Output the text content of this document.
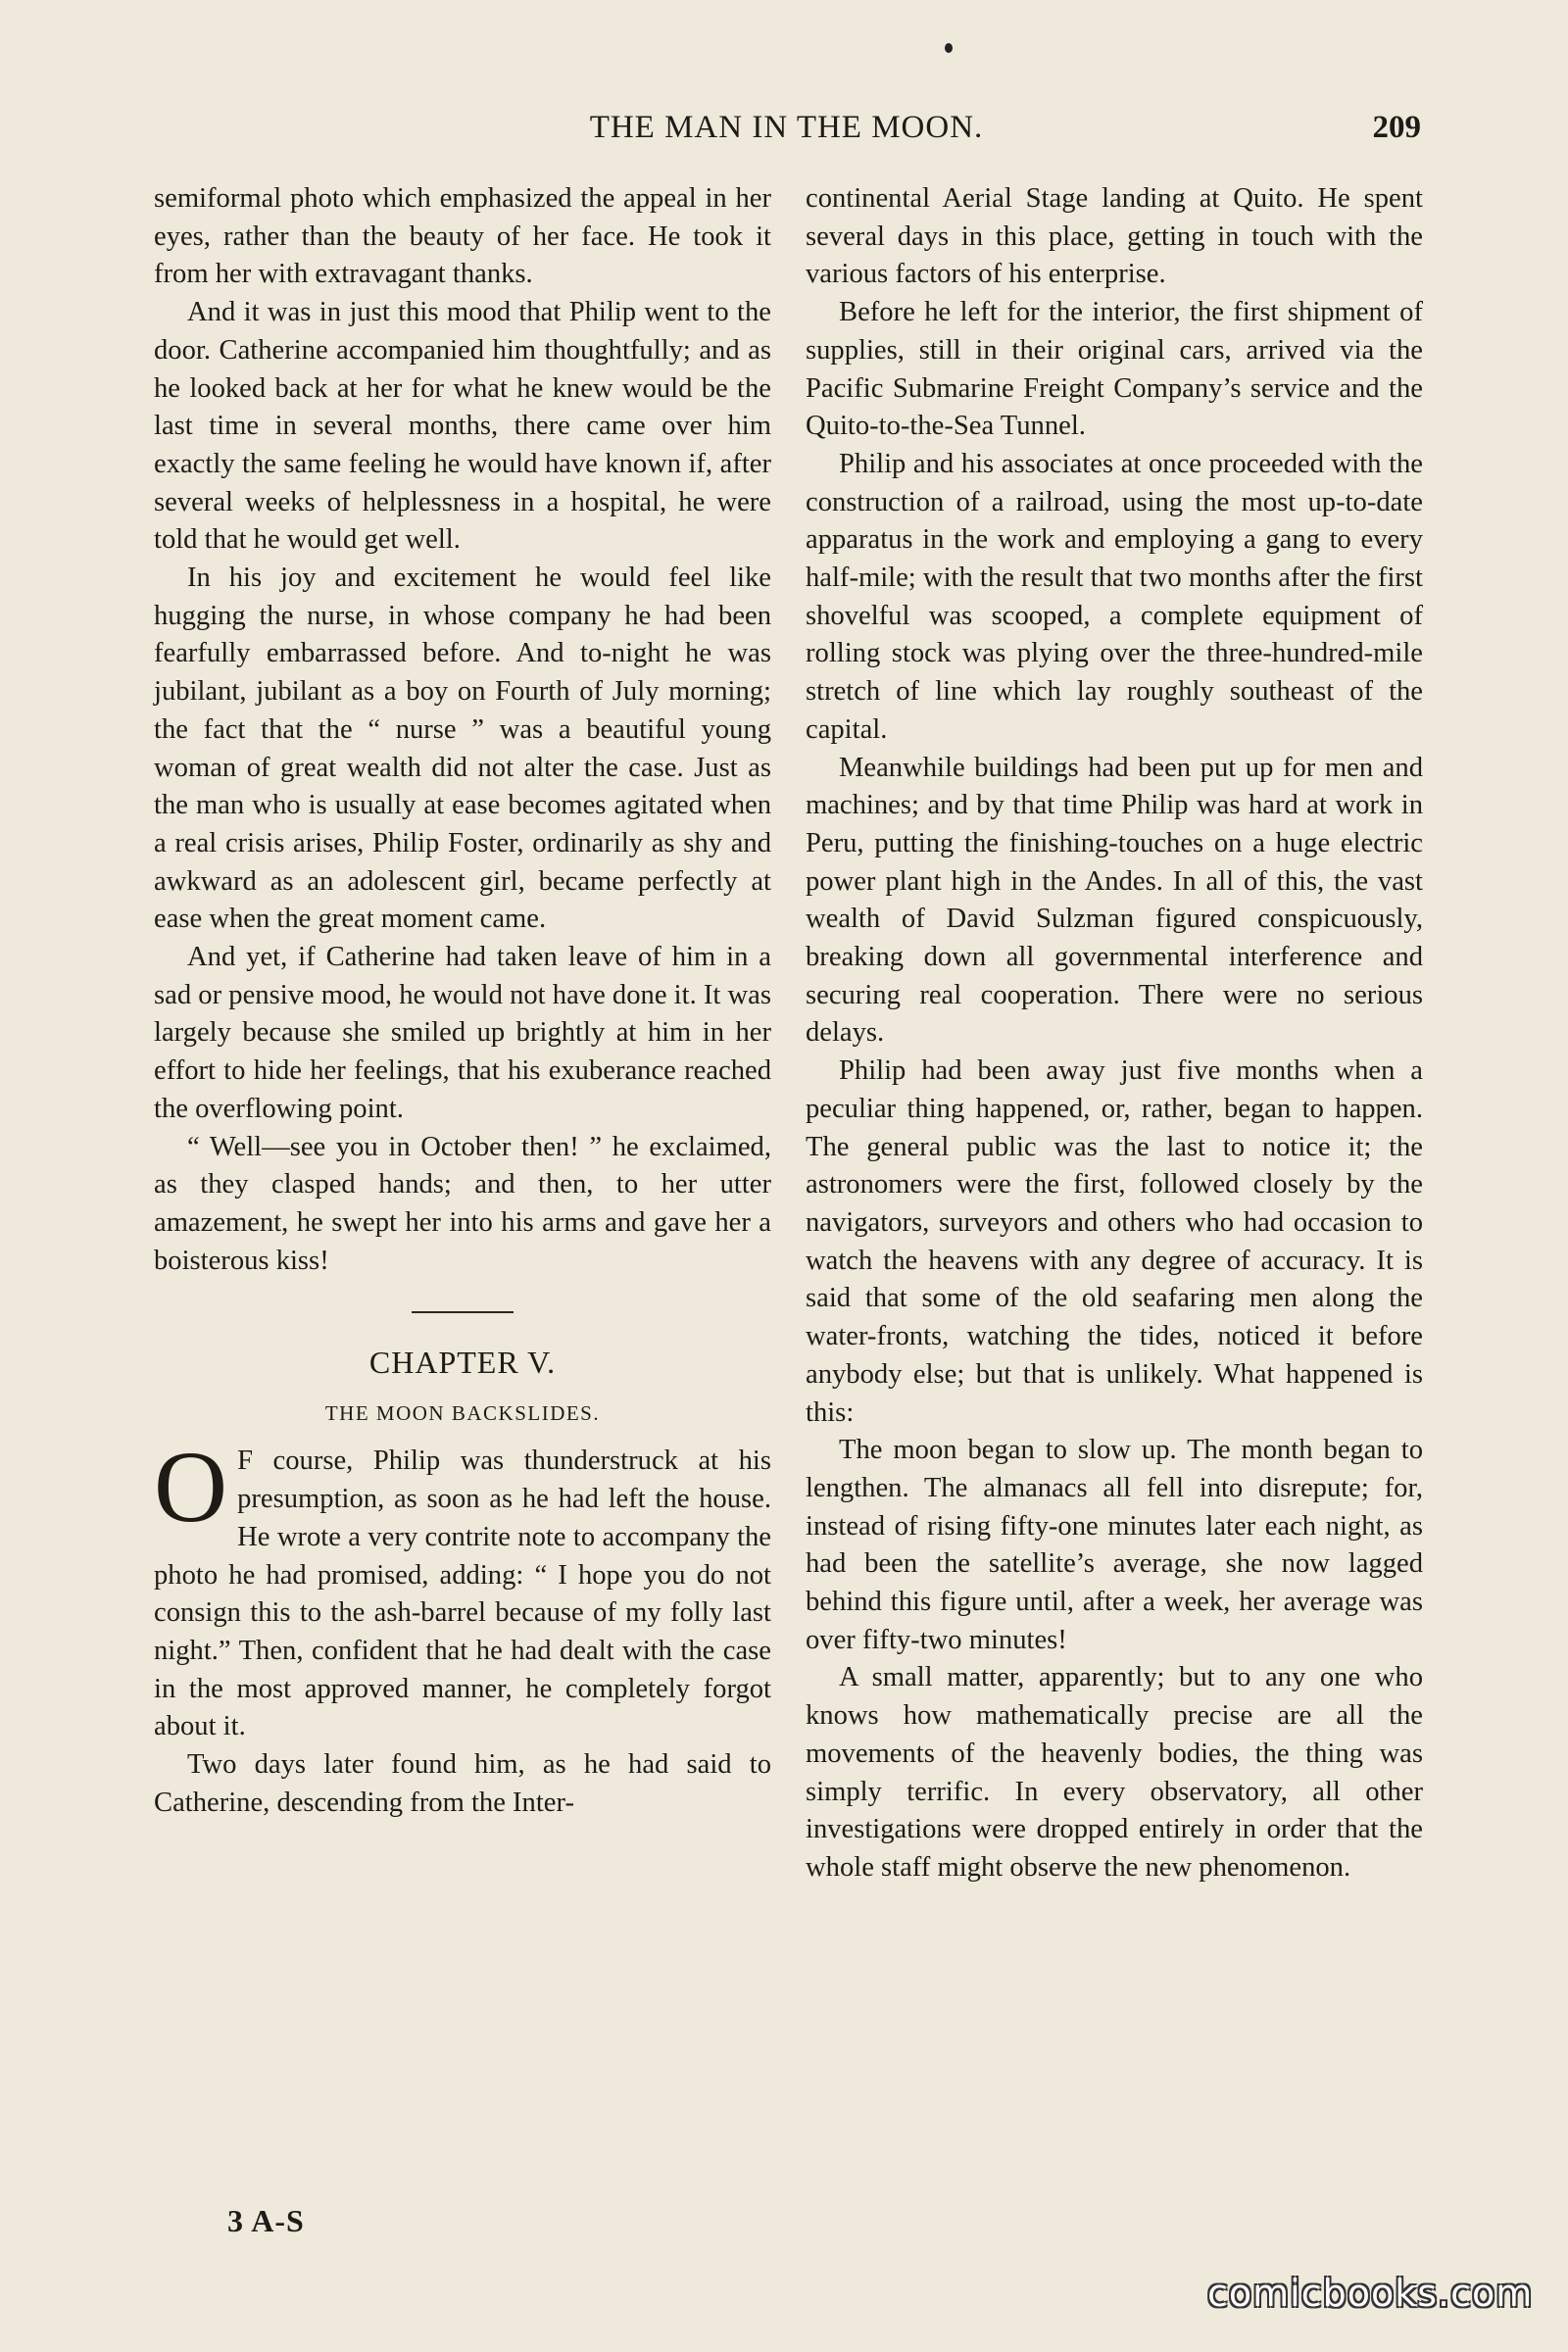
THE MAN IN THE MOON.	209

semiformal photo which emphasized the appeal in her eyes, rather than the beauty of her face. He took it from her with extravagant thanks.

And it was in just this mood that Philip went to the door. Catherine accompanied him thoughtfully; and as he looked back at her for what he knew would be the last time in several months, there came over him exactly the same feeling he would have known if, after several weeks of helplessness in a hospital, he were told that he would get well.

In his joy and excitement he would feel like hugging the nurse, in whose company he had been fearfully embarrassed before. And to-night he was jubilant, jubilant as a boy on Fourth of July morning; the fact that the “ nurse ” was a beautiful young woman of great wealth did not alter the case. Just as the man who is usually at ease becomes agitated when a real crisis arises, Philip Foster, ordinarily as shy and awkward as an adolescent girl, became perfectly at ease when the great moment came.

And yet, if Catherine had taken leave of him in a sad or pensive mood, he would not have done it. It was largely because she smiled up brightly at him in her effort to hide her feelings, that his exuberance reached the overflowing point.

“ Well—see you in October then! ” he exclaimed, as they clasped hands; and then, to her utter amazement, he swept her into his arms and gave her a boisterous kiss!

CHAPTER V.
THE MOON BACKSLIDES.

O F course, Philip was thunderstruck at his presumption, as soon as he had left the house. He wrote a very contrite note to accompany the photo he had promised, adding: “ I hope you do not consign this to the ash-barrel because of my folly last night.” Then, confident that he had dealt with the case in the most approved manner, he completely forgot about it.

Two days later found him, as he had said to Catherine, descending from the Inter-

continental Aerial Stage landing at Quito. He spent several days in this place, getting in touch with the various factors of his enterprise.

Before he left for the interior, the first shipment of supplies, still in their original cars, arrived via the Pacific Submarine Freight Company’s service and the Quito-to-the-Sea Tunnel.

Philip and his associates at once proceeded with the construction of a railroad, using the most up-to-date apparatus in the work and employing a gang to every half-mile; with the result that two months after the first shovelful was scooped, a complete equipment of rolling stock was plying over the three-hundred-mile stretch of line which lay roughly southeast of the capital.

Meanwhile buildings had been put up for men and machines; and by that time Philip was hard at work in Peru, putting the finishing-touches on a huge electric power plant high in the Andes. In all of this, the vast wealth of David Sulzman figured conspicuously, breaking down all governmental interference and securing real cooperation. There were no serious delays.

Philip had been away just five months when a peculiar thing happened, or, rather, began to happen. The general public was the last to notice it; the astronomers were the first, followed closely by the navigators, surveyors and others who had occasion to watch the heavens with any degree of accuracy. It is said that some of the old seafaring men along the water-fronts, watching the tides, noticed it before anybody else; but that is unlikely. What happened is this:

The moon began to slow up. The month began to lengthen. The almanacs all fell into disrepute; for, instead of rising fifty-one minutes later each night, as had been the satellite’s average, she now lagged behind this figure until, after a week, her average was over fifty-two minutes!

A small matter, apparently; but to any one who knows how mathematically precise are all the movements of the heavenly bodies, the thing was simply terrific. In every observatory, all other investigations were dropped entirely in order that the whole staff might observe the new phenomenon.

3 A-S
comicbooks.com
